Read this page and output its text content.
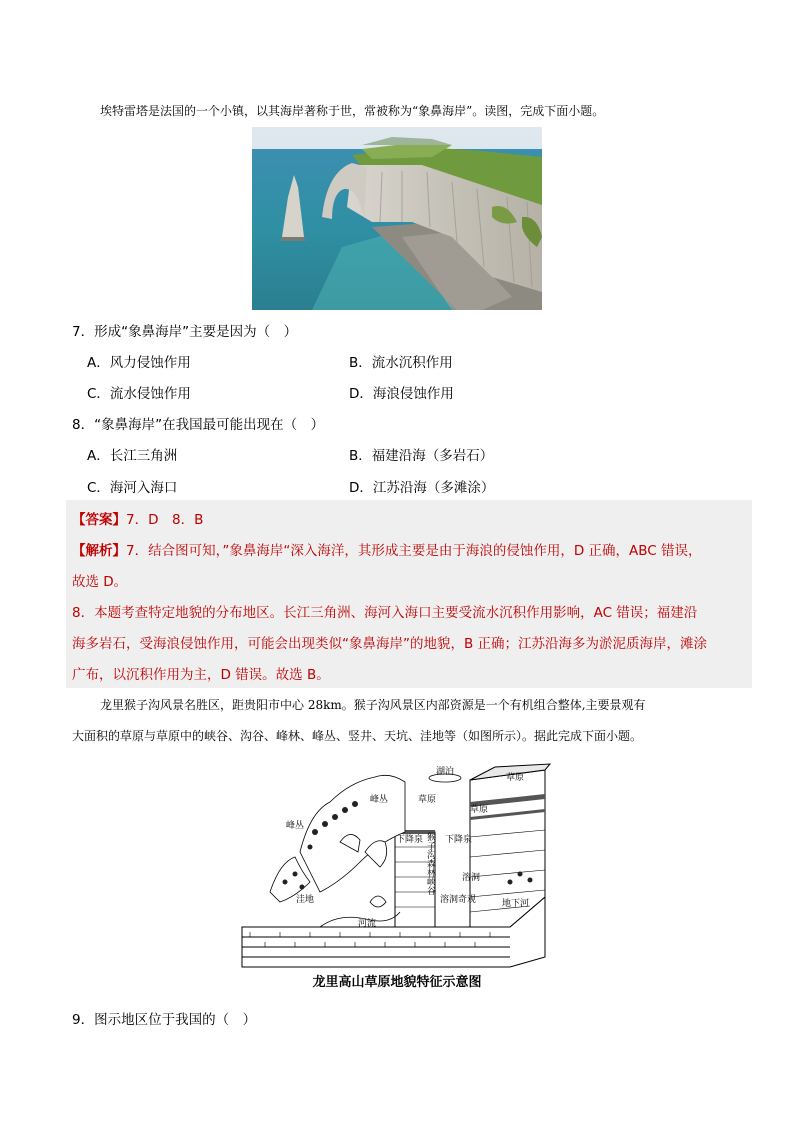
埃特雷塔是法国的一个小镇，以其海岸著称于世，常被称为“象鼻海岸”。读图，完成下面小题。
7．形成“象鼻海岸”主要是因为（　）
A．风力侵蚀作用	B．流水沉积作用
C．流水侵蚀作用	D．海浪侵蚀作用
8．“象鼻海岸”在我国最可能出现在（　）
A．长江三角洲	B．福建沿海（多岩石）
C．海河入海口	D．江苏沿海（多滩涂）
【答案】7．D　8．B
【解析】7．结合图可知，”象鼻海岸“深入海洋，其形成主要是由于海浪的侵蚀作用，D 正确，ABC 错误，
故选 D。
8．本题考查特定地貌的分布地区。长江三角洲、海河入海口主要受流水沉积作用影响，AC 错误；福建沿
海多岩石，受海浪侵蚀作用，可能会出现类似“象鼻海岸”的地貌，B 正确；江苏沿海多为淤泥质海岸，滩涂
广布，以沉积作用为主，D 错误。故选 B。
龙里猴子沟风景名胜区，距贵阳市中心 28km。猴子沟风景区内部资源是一个有机组合整体,主要景观有
大面积的草原与草原中的峡谷、沟谷、峰林、峰丛、竖井、天坑、洼地等（如图所示）。据此完成下面小题。
湖泊
草原
草原
草原
峰丛
峰丛
下降泉 下降泉
猴子沟森林峡谷	溶洞
溶洞奇观	地下河
洼地
河流
龙里高山草原地貌特征示意图
9．图示地区位于我国的（　）
